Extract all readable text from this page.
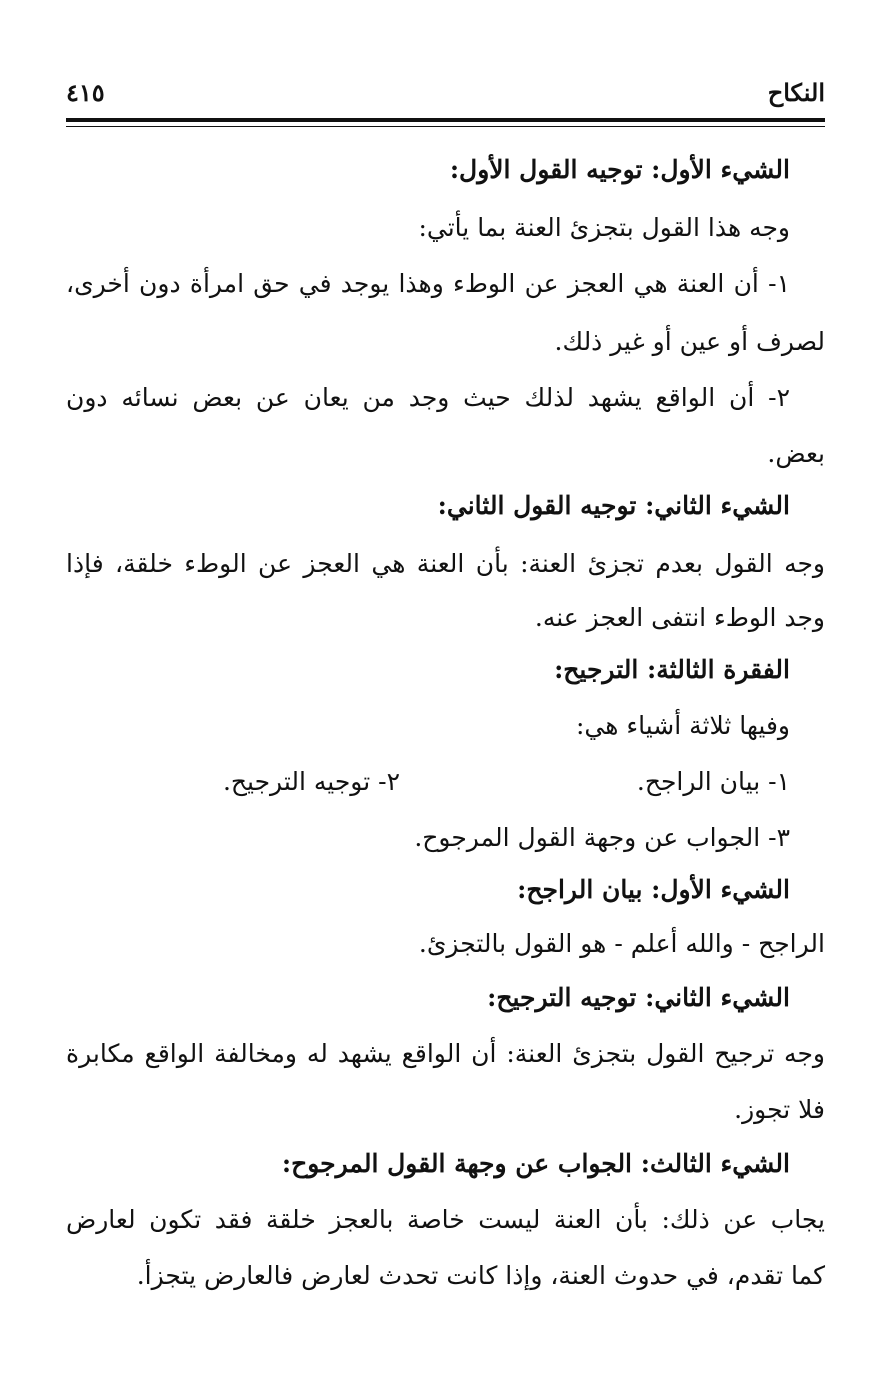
النكاح
٤١٥
الشيء الأول: توجيه القول الأول:
وجه هذا القول بتجزئ العنة بما يأتي:
١- أن العنة هي العجز عن الوطء وهذا يوجد في حق امرأة دون أخرى،
لصرف أو عين أو غير ذلك.
٢- أن الواقع يشهد لذلك حيث وجد من يعان عن بعض نسائه دون
بعض.
الشيء الثاني: توجيه القول الثاني:
وجه القول بعدم تجزئ العنة: بأن العنة هي العجز عن الوطء خلقة، فإذا
وجد الوطء انتفى العجز عنه.
الفقرة الثالثة: الترجيح:
وفيها ثلاثة أشياء هي:
١- بيان الراجح.
٢- توجيه الترجيح.
٣- الجواب عن وجهة القول المرجوح.
الشيء الأول: بيان الراجح:
الراجح - والله أعلم - هو القول بالتجزئ.
الشيء الثاني: توجيه الترجيح:
وجه ترجيح القول بتجزئ العنة: أن الواقع يشهد له ومخالفة الواقع مكابرة
فلا تجوز.
الشيء الثالث: الجواب عن وجهة القول المرجوح:
يجاب عن ذلك: بأن العنة ليست خاصة بالعجز خلقة فقد تكون لعارض
كما تقدم، في حدوث العنة، وإذا كانت تحدث لعارض فالعارض يتجزأ.
